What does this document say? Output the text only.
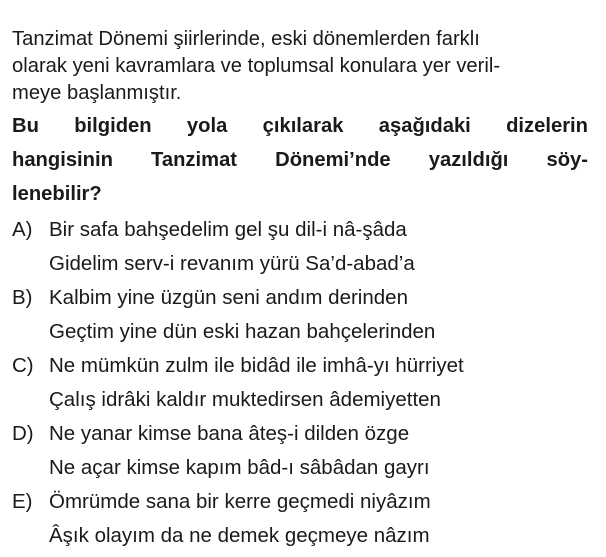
Tanzimat Dönemi şiirlerinde, eski dönemlerden farklı
olarak yeni kavramlara ve toplumsal konulara yer veril-
meye başlanmıştır.
Bu bilgiden yola çıkılarak aşağıdaki dizelerin
hangisinin Tanzimat Dönemi’nde yazıldığı söy-
lenebilir?
A) Bir safa bahşedelim gel şu dil-i nâ-şâda
Gidelim serv-i revanım yürü Sa’d-abad’a
B) Kalbim yine üzgün seni andım derinden
Geçtim yine dün eski hazan bahçelerinden
C) Ne mümkün zulm ile bidâd ile imhâ-yı hürriyet
Çalış idrâki kaldır muktedirsen âdemiyetten
D) Ne yanar kimse bana âteş-i dilden özge
Ne açar kimse kapım bâd-ı sâbâdan gayrı
E) Ömrümde sana bir kerre geçmedi niyâzım
Âşık olayım da ne demek geçmeye nâzım
